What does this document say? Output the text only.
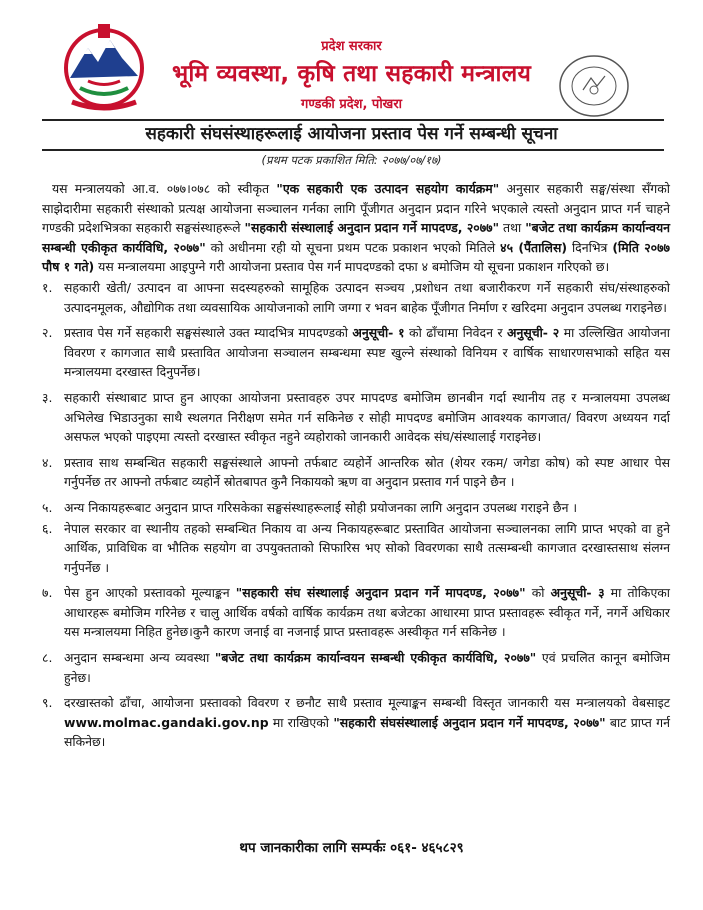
प्रदेश सरकार
भूमि व्यवस्था, कृषि तथा सहकारी मन्त्रालय
गण्डकी प्रदेश, पोखरा
सहकारी संघसंस्थाहरूलाई आयोजना प्रस्ताव पेस गर्ने सम्बन्धी सूचना
(प्रथम पटक प्रकाशित मिति: २०७७/०७/१७)

यस मन्त्रालयको आ.व. ०७७।०७८ को स्वीकृत "एक सहकारी एक उत्पादन सहयोग कार्यक्रम" अनुसार सहकारी सङ्घ/संस्था सँगको साझेदारीमा सहकारी संस्थाको प्रत्यक्ष आयोजना सञ्चालन गर्नका लागि पूँजीगत अनुदान प्रदान गरिने भएकाले त्यस्तो अनुदान प्राप्त गर्न चाहने गण्डकी प्रदेशभित्रका सहकारी सङ्घसंस्थाहरूले "सहकारी संस्थालाई अनुदान प्रदान गर्ने मापदण्ड, २०७७" तथा "बजेट तथा कार्यक्रम कार्यान्वयन सम्बन्धी एकीकृत कार्यविधि, २०७७" को अधीनमा रही यो सूचना प्रथम पटक प्रकाशन भएको मितिले ४५ (पैंतालिस) दिनभित्र (मिति २०७७ पौष १ गते) यस मन्त्रालयमा आइपुग्ने गरी आयोजना प्रस्ताव पेस गर्न मापदण्डको दफा ४ बमोजिम यो सूचना प्रकाशन गरिएको छ।

१. सहकारी खेती/ उत्पादन वा आफ्ना सदस्यहरुको सामूहिक उत्पादन सञ्चय ,प्रशोधन तथा बजारीकरण गर्ने सहकारी संघ/संस्थाहरुको उत्पादनमूलक, औद्योगिक तथा व्यवसायिक आयोजनाको लागि जग्गा र भवन बाहेक पूँजीगत निर्माण र खरिदमा अनुदान उपलब्ध गराइनेछ।
२. प्रस्ताव पेस गर्ने सहकारी सङ्घसंस्थाले उक्त म्यादभित्र मापदण्डको अनुसूची- १ को ढाँचामा निवेदन र अनुसूची- २ मा उल्लिखित आयोजना विवरण र कागजात साथै प्रस्तावित आयोजना सञ्चालन सम्बन्धमा स्पष्ट खुल्ने संस्थाको विनियम र वार्षिक साधारणसभाको सहित यस मन्त्रालयमा दरखास्त दिनुपर्नेछ।
३. सहकारी संस्थाबाट प्राप्त हुन आएका आयोजना प्रस्तावहरु उपर मापदण्ड बमोजिम छानबीन गर्दा स्थानीय तह र मन्त्रालयमा उपलब्ध अभिलेख भिडाउनुका साथै स्थलगत निरीक्षण समेत गर्न सकिनेछ र सोही मापदण्ड बमोजिम आवश्यक कागजात/ विवरण अध्ययन गर्दा असफल भएको पाइएमा त्यस्तो दरखास्त स्वीकृत नहुने व्यहोराको जानकारी आवेदक संघ/संस्थालाई गराइनेछ।
४. प्रस्ताव साथ सम्बन्धित सहकारी सङ्घसंस्थाले आफ्नो तर्फबाट व्यहोर्ने आन्तरिक स्रोत (शेयर रकम/ जगेडा कोष) को स्पष्ट आधार पेस गर्नुपर्नेछ तर आफ्नो तर्फबाट व्यहोर्ने स्रोतबापत कुनै निकायको ऋण वा अनुदान प्रस्ताव गर्न पाइने छैन ।
५. अन्य निकायहरूबाट अनुदान प्राप्त गरिसकेका सङ्घसंस्थाहरूलाई सोही प्रयोजनका लागि अनुदान उपलब्ध गराइने छैन ।
६. नेपाल सरकार वा स्थानीय तहको सम्बन्धित निकाय वा अन्य निकायहरूबाट प्रस्तावित आयोजना सञ्चालनका लागि प्राप्त भएको वा हुने आर्थिक, प्राविधिक वा भौतिक सहयोग वा उपयुक्तताको सिफारिस भए सोको विवरणका साथै तत्सम्बन्धी कागजात दरखास्तसाथ संलग्न गर्नुपर्नेछ ।
७. पेस हुन आएको प्रस्तावको मूल्याङ्कन "सहकारी संघ संस्थालाई अनुदान प्रदान गर्ने मापदण्ड, २०७७" को अनुसूची- ३ मा तोकिएका आधारहरू बमोजिम गरिनेछ र चालु आर्थिक वर्षको वार्षिक कार्यक्रम तथा बजेटका आधारमा प्राप्त प्रस्तावहरू स्वीकृत गर्ने, नगर्ने अधिकार यस मन्त्रालयमा निहित हुनेछ।कुनै कारण जनाई वा नजनाई प्राप्त प्रस्तावहरू अस्वीकृत गर्न सकिनेछ ।
८. अनुदान सम्बन्धमा अन्य व्यवस्था "बजेट तथा कार्यक्रम कार्यान्वयन सम्बन्धी एकीकृत कार्यविधि, २०७७" एवं प्रचलित कानून बमोजिम हुनेछ।
९. दरखास्तको ढाँचा, आयोजना प्रस्तावको विवरण र छनौट साथै प्रस्ताव मूल्याङ्कन सम्बन्धी विस्तृत जानकारी यस मन्त्रालयको वेबसाइट www.molmac.gandaki.gov.np मा राखिएको "सहकारी संघसंस्थालाई अनुदान प्रदान गर्ने मापदण्ड, २०७७" बाट प्राप्त गर्न सकिनेछ।
थप जानकारीका लागि सम्पर्कः ०६१- ४६५८२९
